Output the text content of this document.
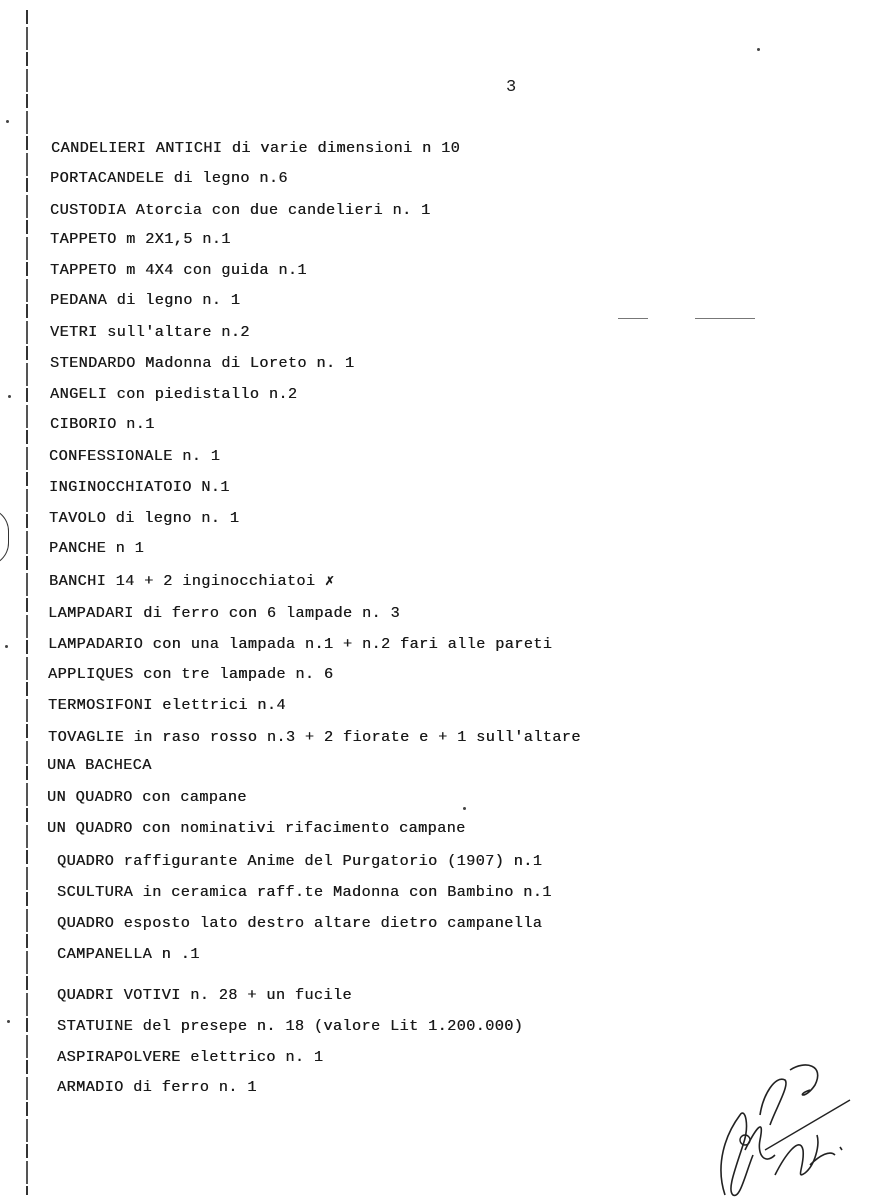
3
CANDELIERI ANTICHI di varie dimensioni n 10
PORTACANDELE di legno n.6
CUSTODIA Atorcia con due candelieri n. 1
TAPPETO m 2X1,5 n.1
TAPPETO m 4X4 con guida n.1
PEDANA di legno n. 1
VETRI sull'altare n.2
STENDARDO Madonna di Loreto n. 1
ANGELI con piedistallo n.2
CIBORIO n.1
CONFESSIONALE n. 1
INGINOCCHIATOIO N.1
TAVOLO di legno n. 1
PANCHE n 1
BANCHI 14 + 2 inginocchiatoi ✗
LAMPADARI di ferro con 6 lampade n. 3
LAMPADARIO con una lampada n.1 + n.2 fari alle pareti
APPLIQUES con tre lampade n. 6
TERMOSIFONI elettrici n.4
TOVAGLIE in raso rosso n.3 + 2 fiorate e + 1 sull'altare
UNA BACHECA
UN QUADRO con campane
UN QUADRO con nominativi rifacimento campane
QUADRO raffigurante Anime del Purgatorio (1907) n.1
SCULTURA in ceramica raff.te Madonna con Bambino n.1
QUADRO esposto lato destro altare dietro campanella
CAMPANELLA n .1
QUADRI VOTIVI n. 28 + un fucile
STATUINE del presepe n. 18 (valore Lit 1.200.000)
ASPIRAPOLVERE elettrico n. 1
ARMADIO di ferro n. 1
